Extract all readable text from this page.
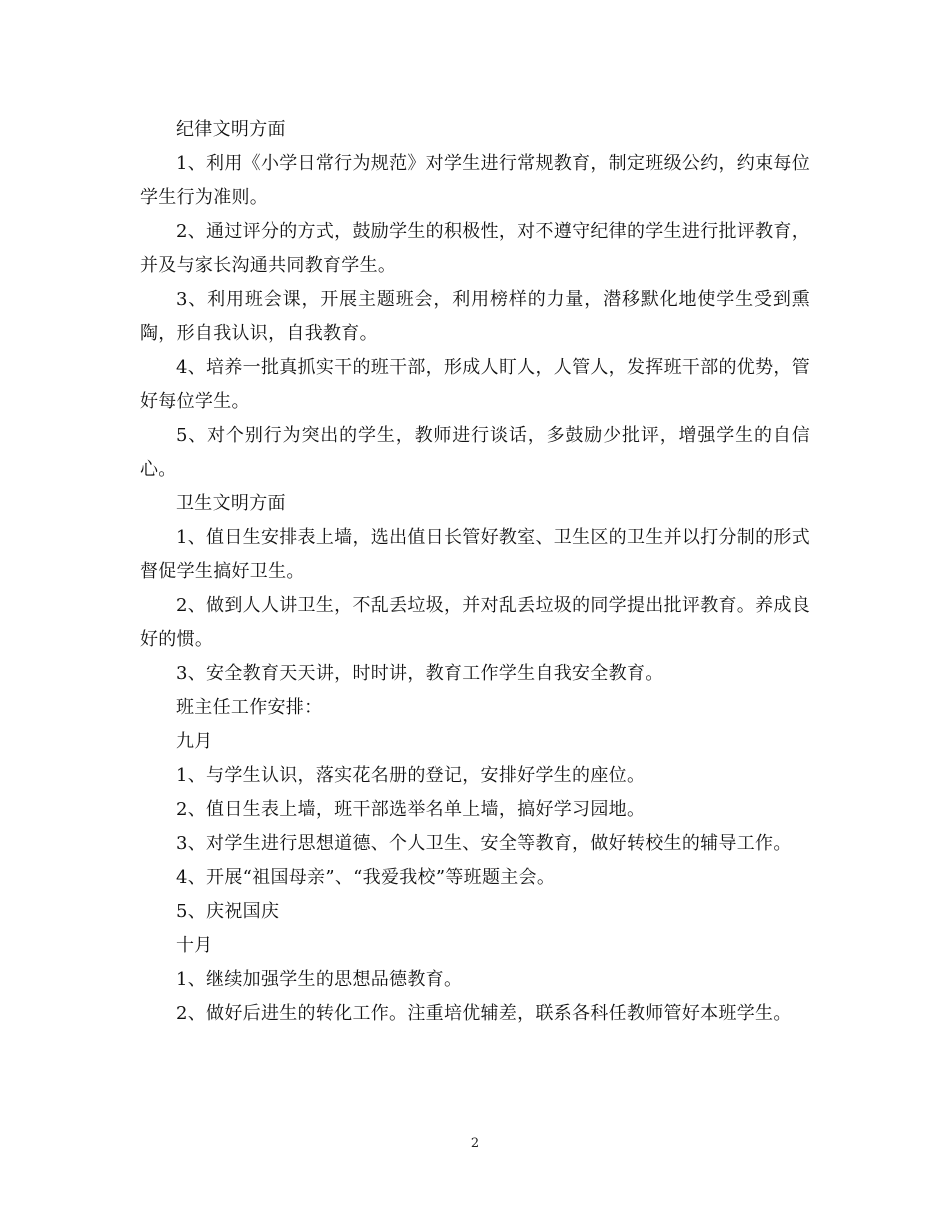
纪律文明方面

1、利用《小学日常行为规范》对学生进行常规教育，制定班级公约，约束每位学生行为准则。

2、通过评分的方式，鼓励学生的积极性，对不遵守纪律的学生进行批评教育，并及与家长沟通共同教育学生。

3、利用班会课，开展主题班会，利用榜样的力量，潜移默化地使学生受到熏陶，形自我认识，自我教育。

4、培养一批真抓实干的班干部，形成人盯人，人管人，发挥班干部的优势，管好每位学生。

5、对个别行为突出的学生，教师进行谈话，多鼓励少批评，增强学生的自信心。

卫生文明方面

1、值日生安排表上墙，选出值日长管好教室、卫生区的卫生并以打分制的形式督促学生搞好卫生。

2、做到人人讲卫生，不乱丢垃圾，并对乱丢垃圾的同学提出批评教育。养成良好的惯。

3、安全教育天天讲，时时讲，教育工作学生自我安全教育。

班主任工作安排：

九月

1、与学生认识，落实花名册的登记，安排好学生的座位。

2、值日生表上墙，班干部选举名单上墙，搞好学习园地。

3、对学生进行思想道德、个人卫生、安全等教育，做好转校生的辅导工作。

4、开展“祖国母亲”、“我爱我校”等班题主会。

5、庆祝国庆

十月

1、继续加强学生的思想品德教育。

2、做好后进生的转化工作。注重培优辅差，联系各科任教师管好本班学生。

2
